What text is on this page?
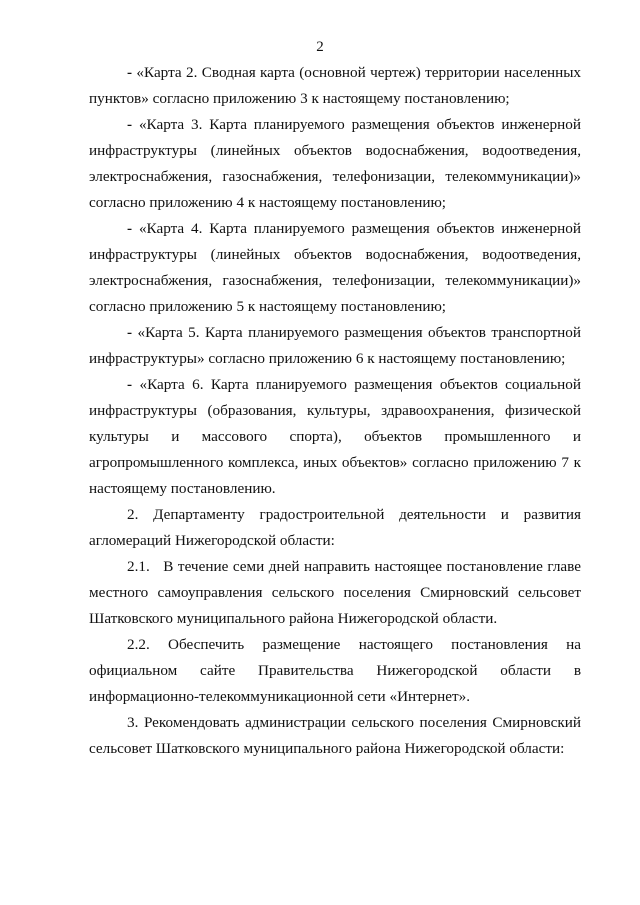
2

- «Карта 2. Сводная карта (основной чертеж) территории населенных пунктов» согласно приложению 3 к настоящему постановлению;

- «Карта 3. Карта планируемого размещения объектов инженерной инфраструктуры (линейных объектов водоснабжения, водоотведения, электроснабжения, газоснабжения, телефонизации, телекоммуникации)» согласно приложению 4 к настоящему постановлению;

- «Карта 4. Карта планируемого размещения объектов инженерной инфраструктуры (линейных объектов водоснабжения, водоотведения, электроснабжения, газоснабжения, телефонизации, телекоммуникации)» согласно приложению 5 к настоящему постановлению;

- «Карта 5. Карта планируемого размещения объектов транспортной инфраструктуры» согласно приложению 6 к настоящему постановлению;

- «Карта 6. Карта планируемого размещения объектов социальной инфраструктуры (образования, культуры, здравоохранения, физической культуры и массового спорта), объектов промышленного и агропромышленного комплекса, иных объектов» согласно приложению 7 к настоящему постановлению.

2. Департаменту градостроительной деятельности и развития агломераций Нижегородской области:

2.1.   В течение семи дней направить настоящее постановление главе местного самоуправления сельского поселения Смирновский сельсовет Шатковского муниципального района Нижегородской области.

2.2. Обеспечить размещение настоящего постановления на официальном сайте Правительства Нижегородской области в информационно-телекоммуникационной сети «Интернет».

3. Рекомендовать администрации сельского поселения Смирновский сельсовет Шатковского муниципального района Нижегородской области:
